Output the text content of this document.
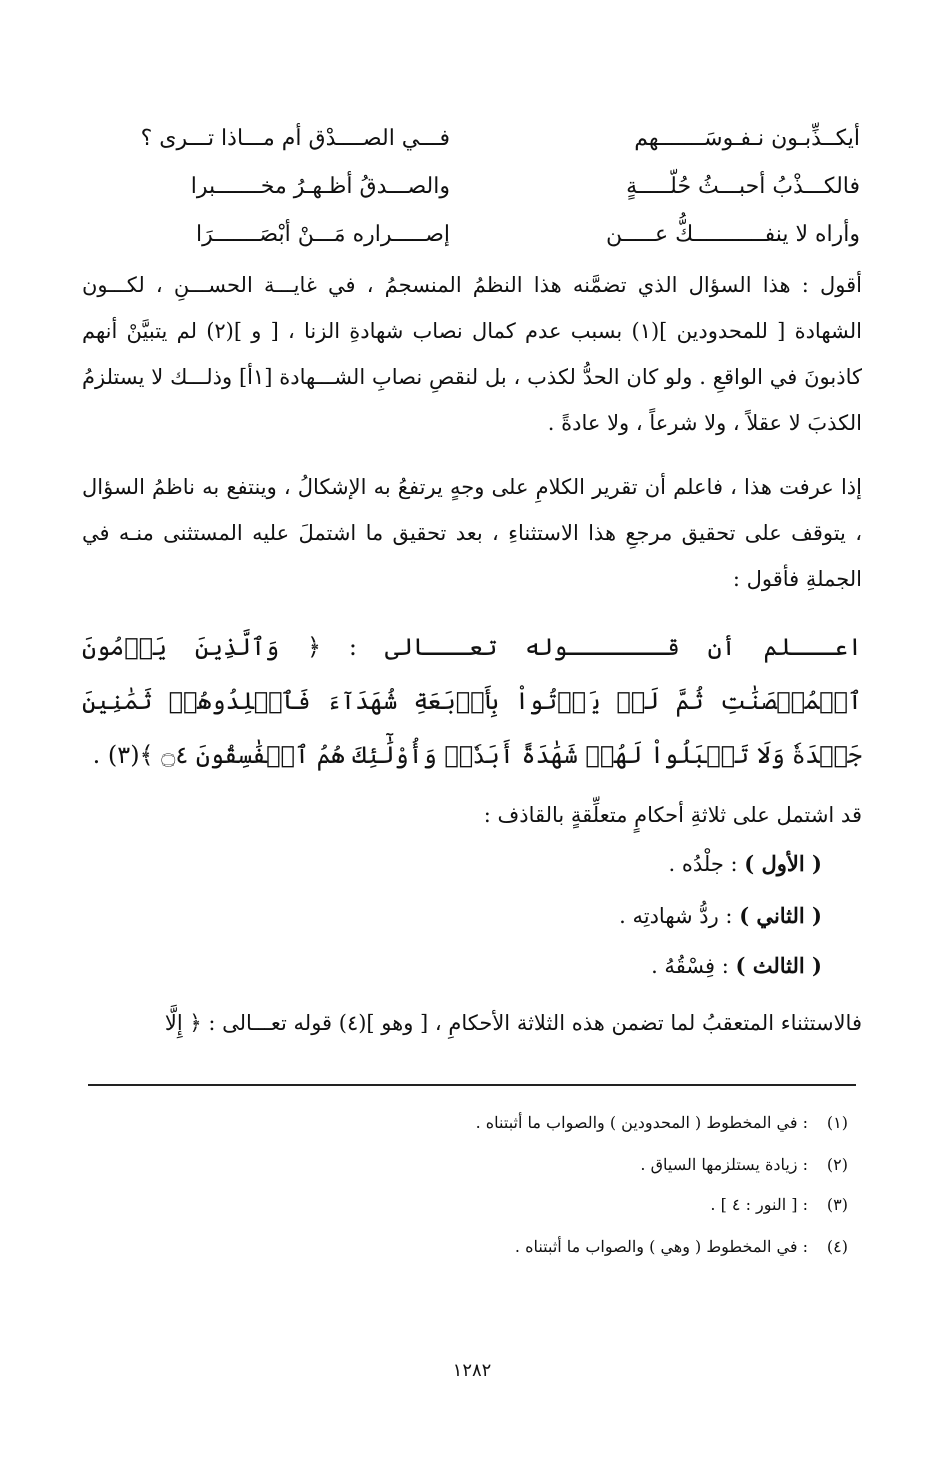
أيكــذِّبـون نـفـوسَـــــــهم
فـــي الصــــدْق أم مـــاذا تـــرى ؟
فالكـــذْبُ أحبـــثُ حُلّـــــةٍ
والصـــدقُ أظـهـرُ مخـــــــبرا
وأراه لا ينفـــــــــــكُّ عـــــن
إصـــــراره مَـــنْ أبْصَـــــــرَا

أقول : هذا السؤال الذي تضمَّنه هذا النظمُ المنسجمُ ، في غايـــة الحســـنِ ، لكـــون الشهادة [ للمحدودين ](١) بسبب عدم كمال نصاب شهادةِ الزنا ، [ و ](٢) لم يتبيَّنْ أنهم كاذبونَ في الواقعِ . ولو كان الحدُّ لكذب ، بل لنقصِ نصابِ الشـــهادة [١أ] وذلـــك لا يستلزمُ الكذبَ لا عقلاً ، ولا شرعاً ، ولا عادةً .

إذا عرفت هذا ، فاعلم أن تقرير الكلامِ على وجهٍ يرتفعُ به الإشكالُ ، وينتفع به ناظمُ السؤال ، يتوقف على تحقيق مرجعِ هذا الاستثناءِ ، بعد تحقيق ما اشتملَ عليه المستثنى منـه في الجملةِ فأقول :

اعـــلم أن قـــــــوله تعـــالى : ﴿ وَٱلَّذِينَ يَرۡمُونَ ٱلۡمُحۡصَنَٰتِ ثُمَّ لَمۡ يَأۡتُواْ بِأَرۡبَعَةِ شُهَدَآءَ فَٱجۡلِدُوهُمۡ ثَمَٰنِينَ جَلۡدَةٗ وَلَا تَقۡبَلُواْ لَهُمۡ شَهَٰدَةً أَبَدٗاۚ وَأُوْلَٰٓئِكَ هُمُ ٱلۡفَٰسِقُونَ ۝٤ ﴾(٣) .

قد اشتمل على ثلاثةِ أحكامٍ متعلِّقةٍ بالقاذف :

( الأول ) : جلْدُه .
( الثاني ) : ردُّ شهادتِه .
( الثالث ) : فِسْقُهُ .

فالاستثناء المتعقبُ لما تضمن هذه الثلاثة الأحكامِ ، [ وهو ](٤) قوله تعـــالى : ﴿ إِلَّا

(١): في المخطوط ( المحدودين ) والصواب ما أثبتناه .
(٢): زيادة يستلزمها السياق .
(٣): [ النور : ٤ ] .
(٤): في المخطوط ( وهي ) والصواب ما أثبتناه .
١٢٨٢
